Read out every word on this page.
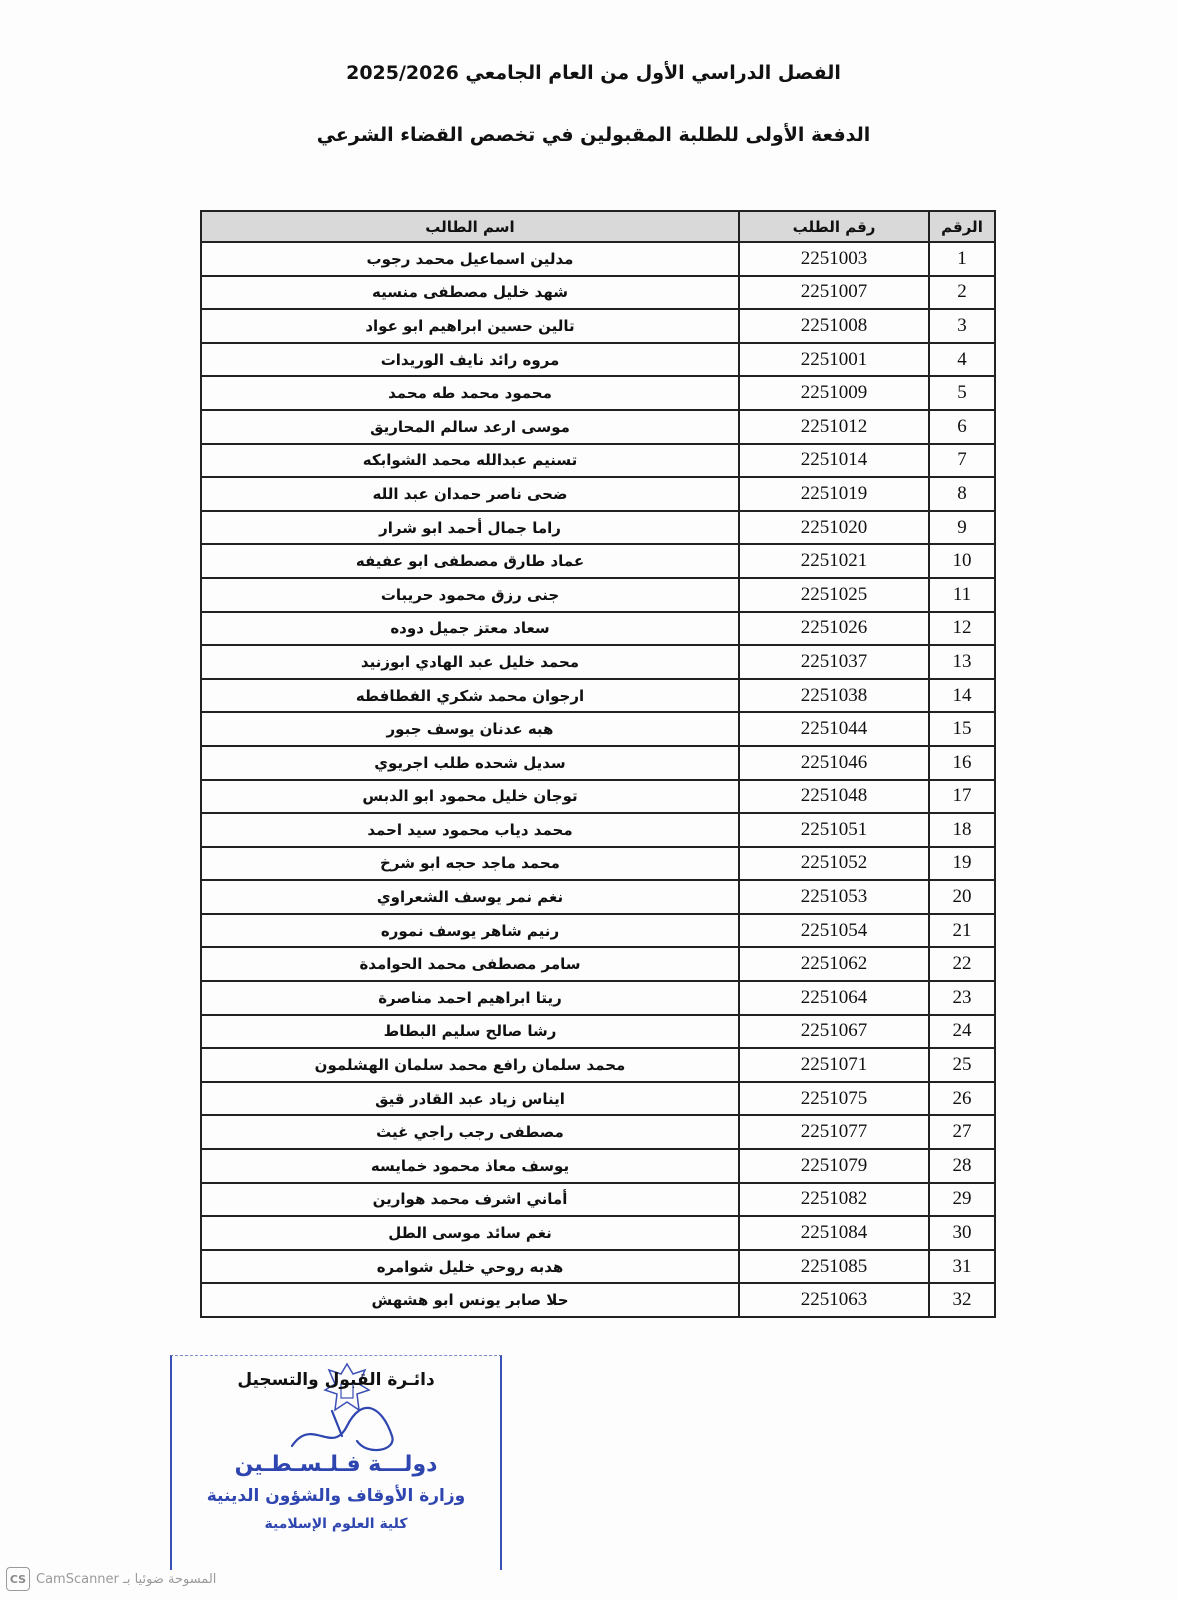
الفصل الدراسي الأول من العام الجامعي 2025/2026
الدفعة الأولى للطلبة المقبولين في تخصص القضاء الشرعي
الرقم	رقم الطلب	اسم الطالب
1	2251003	مدلين اسماعيل محمد رجوب
2	2251007	شهد خليل مصطفى منسيه
3	2251008	تالين حسين ابراهيم ابو عواد
4	2251001	مروه رائد نايف الوريدات
5	2251009	محمود محمد طه محمد
6	2251012	موسى ارعد سالم المحاريق
7	2251014	تسنيم عبدالله محمد الشوابكه
8	2251019	ضحى ناصر حمدان عبد الله
9	2251020	راما جمال أحمد ابو شرار
10	2251021	عماد طارق مصطفى ابو عفيفه
11	2251025	جنى رزق محمود حريبات
12	2251026	سعاد معتز جميل دوده
13	2251037	محمد خليل عبد الهادي ابوزنيد
14	2251038	ارجوان محمد شكري الفطافطه
15	2251044	هبه عدنان يوسف جبور
16	2251046	سديل شحده طلب اجريوي
17	2251048	توجان خليل محمود ابو الدبس
18	2251051	محمد دياب محمود سيد احمد
19	2251052	محمد ماجد حجه ابو شرخ
20	2251053	نغم نمر يوسف الشعراوي
21	2251054	رنيم شاهر يوسف نموره
22	2251062	سامر مصطفى محمد الحوامدة
23	2251064	ريتا ابراهيم احمد مناصرة
24	2251067	رشا صالح سليم البطاط
25	2251071	محمد سلمان رافع محمد سلمان الهشلمون
26	2251075	ايناس زياد عبد القادر قيق
27	2251077	مصطفى رجب راجي غيث
28	2251079	يوسف معاذ محمود خمايسه
29	2251082	أماني اشرف محمد هوارين
30	2251084	نغم سائد موسى الطل
31	2251085	هدبه روحي خليل شوامره
32	2251063	حلا صابر يونس ابو هشهش
دائـرة القبول والتسجيل
دولـــة فـلـسـطـين
وزارة الأوقاف والشؤون الدينية
كلية العلوم الإسلامية
CS المسوحة ضوئيا بـ CamScanner
